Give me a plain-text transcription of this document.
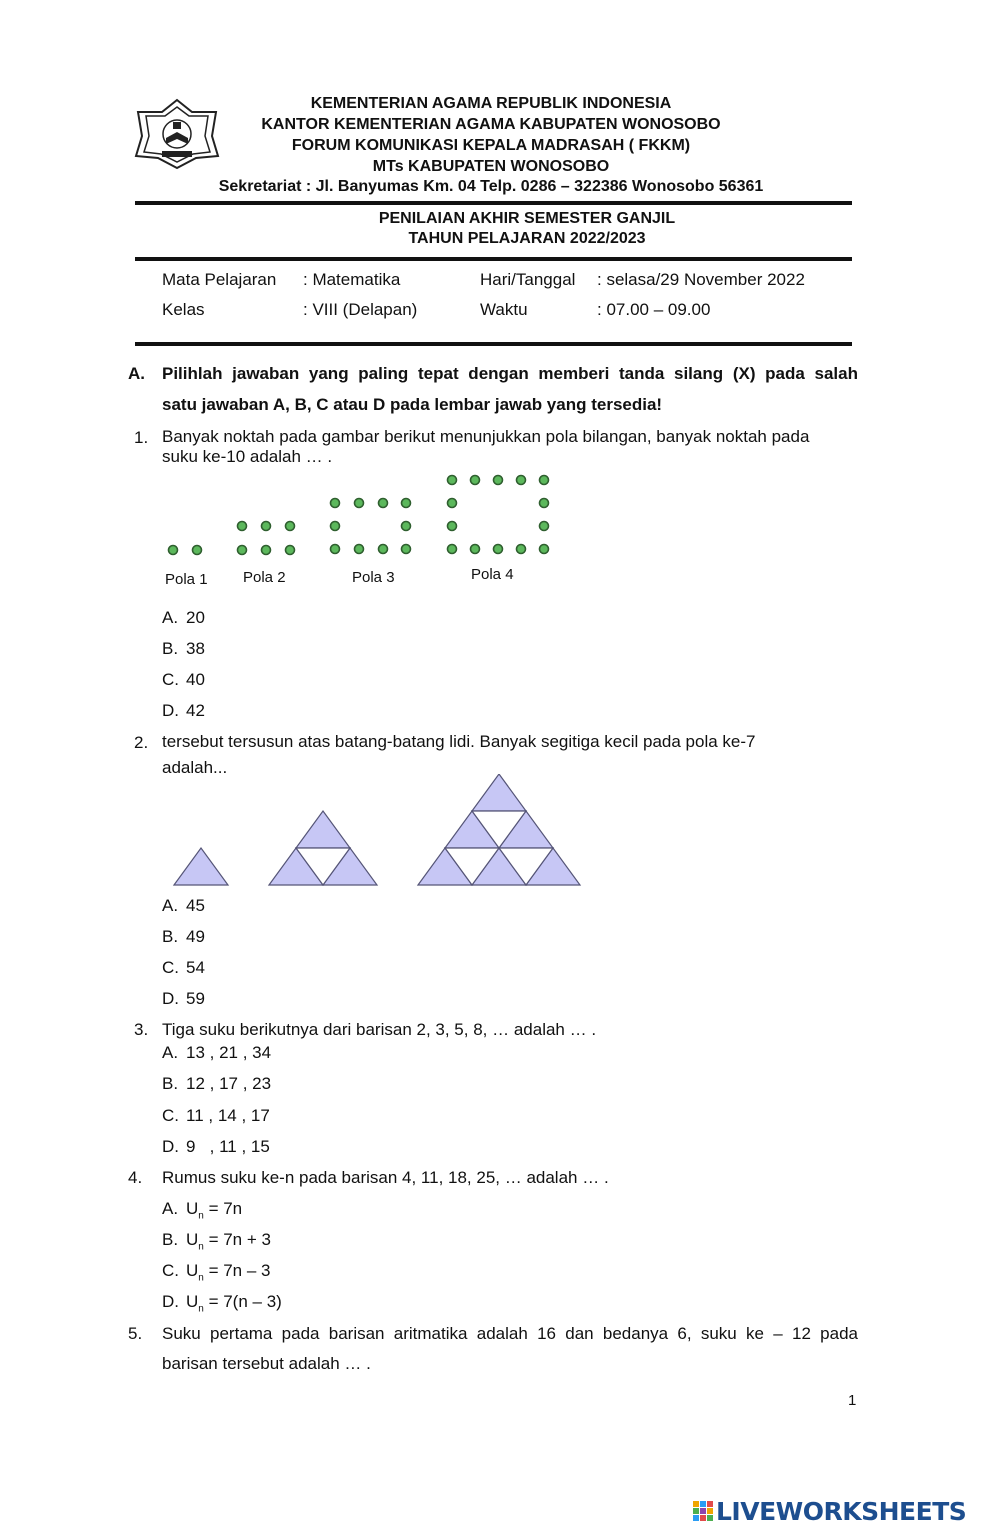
KEMENTERIAN AGAMA REPUBLIK INDONESIA
KANTOR KEMENTERIAN AGAMA KABUPATEN WONOSOBO
FORUM KOMUNIKASI KEPALA MADRASAH ( FKKM)
MTs KABUPATEN WONOSOBO
Sekretariat : Jl. Banyumas Km. 04 Telp. 0286 – 322386 Wonosobo 56361
PENILAIAN AKHIR SEMESTER GANJIL
TAHUN PELAJARAN 2022/2023
Mata Pelajaran : Matematika	Hari/Tanggal : selasa/29 November 2022
Kelas	: VIII (Delapan)	Waktu	: 07.00 – 09.00
A. Pilihlah jawaban yang paling tepat dengan memberi tanda silang (X) pada salah
satu jawaban A, B, C atau D pada lembar jawab yang tersedia!
1. Banyak noktah pada gambar berikut menunjukkan pola bilangan, banyak noktah pada
suku ke-10 adalah … .
Pola 1 Pola 2	Pola 3	Pola 4
A. 20
B. 38
C. 40
D. 42
2. tersebut tersusun atas batang-batang lidi. Banyak segitiga kecil pada pola ke-7
adalah...
A. 45
B. 49
C. 54
D. 59
3. Tiga suku berikutnya dari barisan 2, 3, 5, 8, … adalah … .
A. 13 , 21 , 34
B. 12 , 17 , 23
C. 11 , 14 , 17
D. 9   , 11 , 15
4. Rumus suku ke-n pada barisan 4, 11, 18, 25, … adalah … .
A. $U_n = 7n$
B. $U_n = 7n + 3$
C. $U_n = 7n - 3$
D. $U_n = 7(n - 3)$
5. Suku pertama pada barisan aritmatika adalah 16 dan bedanya 6, suku ke – 12 pada
barisan tersebut adalah … .
1
LIVEWORKSHEETS
